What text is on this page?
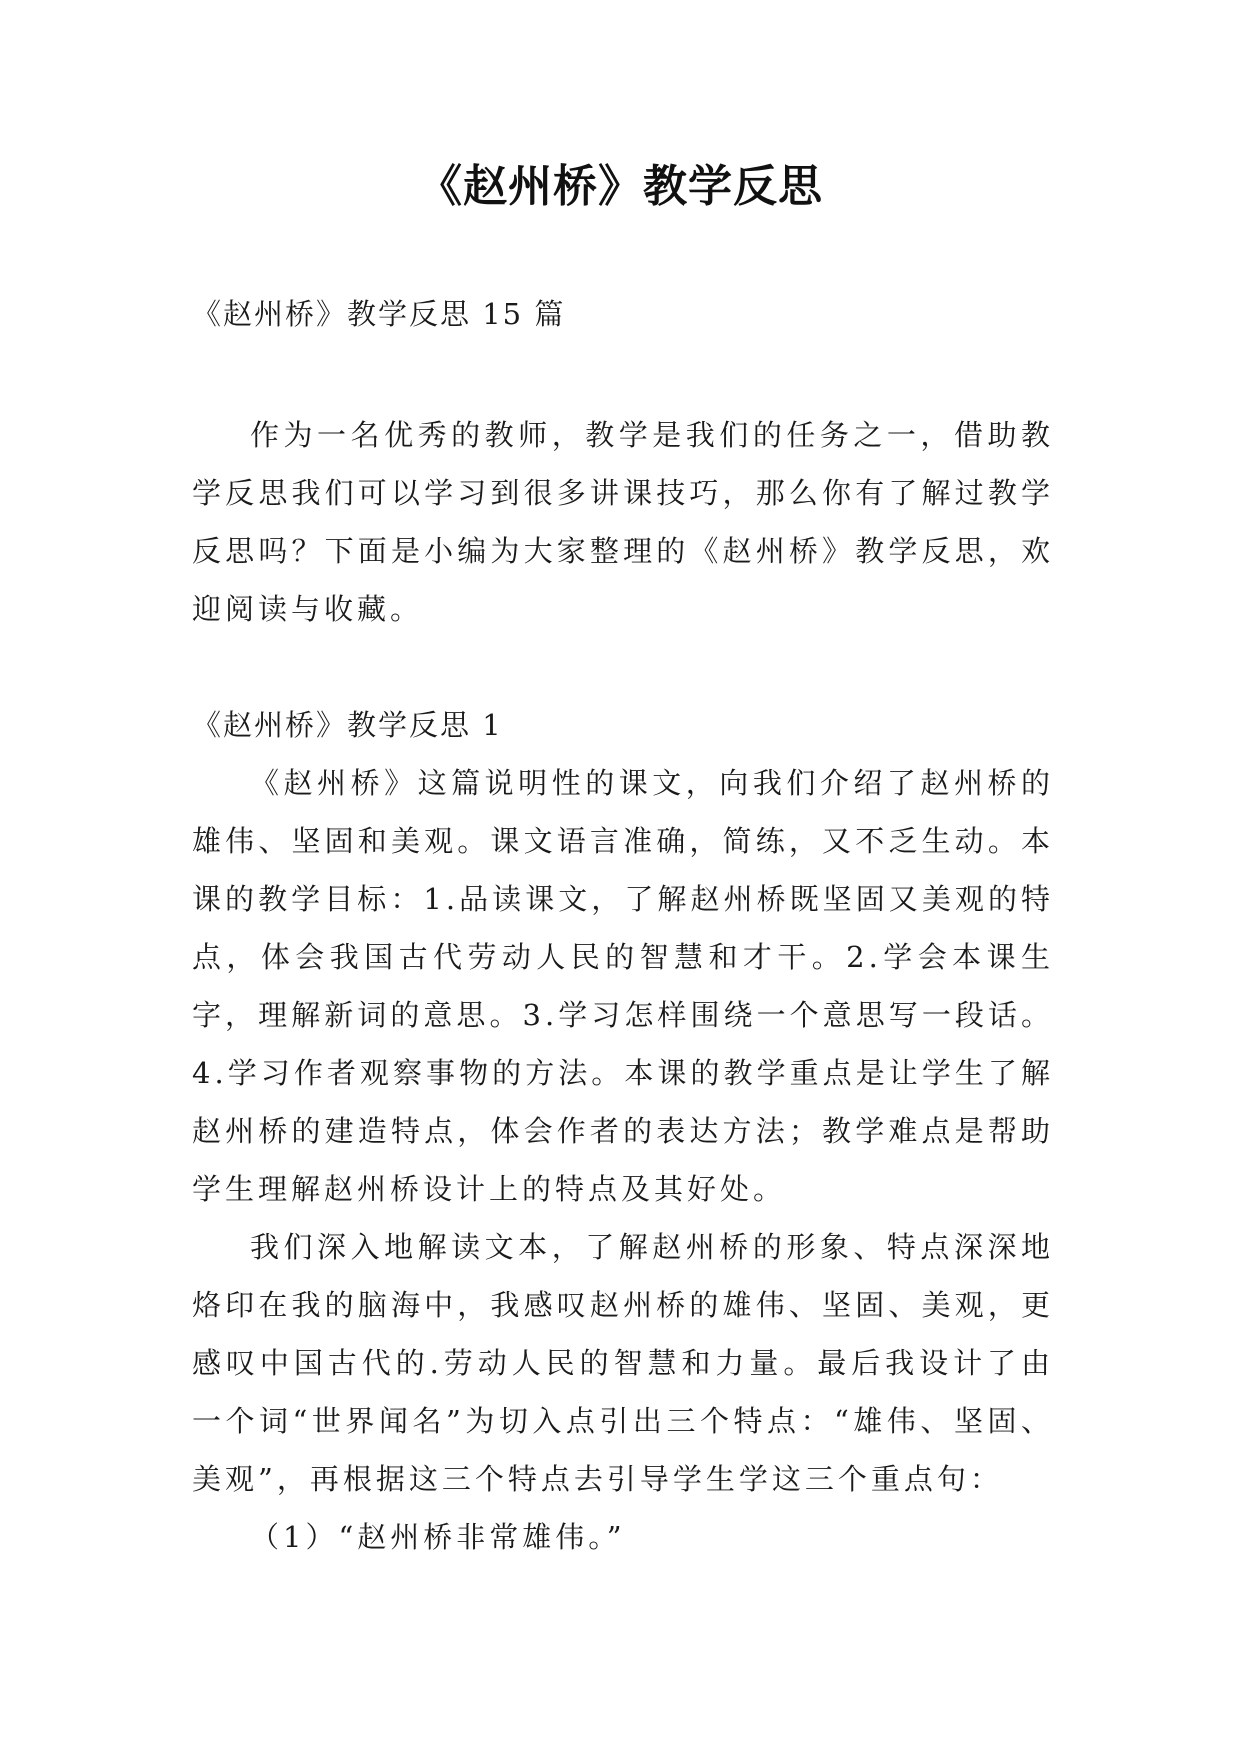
《赵州桥》教学反思

《赵州桥》教学反思 15 篇

作为一名优秀的教师，教学是我们的任务之一，借助教学反思我们可以学习到很多讲课技巧，那么你有了解过教学反思吗？下面是小编为大家整理的《赵州桥》教学反思，欢迎阅读与收藏。

《赵州桥》教学反思 1

《赵州桥》这篇说明性的课文，向我们介绍了赵州桥的雄伟、坚固和美观。课文语言准确，简练，又不乏生动。本课的教学目标：1.品读课文，了解赵州桥既坚固又美观的特点，体会我国古代劳动人民的智慧和才干。2.学会本课生字，理解新词的意思。3.学习怎样围绕一个意思写一段话。4.学习作者观察事物的方法。本课的教学重点是让学生了解赵州桥的建造特点，体会作者的表达方法；教学难点是帮助学生理解赵州桥设计上的特点及其好处。

我们深入地解读文本，了解赵州桥的形象、特点深深地烙印在我的脑海中，我感叹赵州桥的雄伟、坚固、美观，更感叹中国古代的.劳动人民的智慧和力量。最后我设计了由一个词“世界闻名”为切入点引出三个特点：“雄伟、坚固、美观”，再根据这三个特点去引导学生学这三个重点句：

（1）“赵州桥非常雄伟。”
